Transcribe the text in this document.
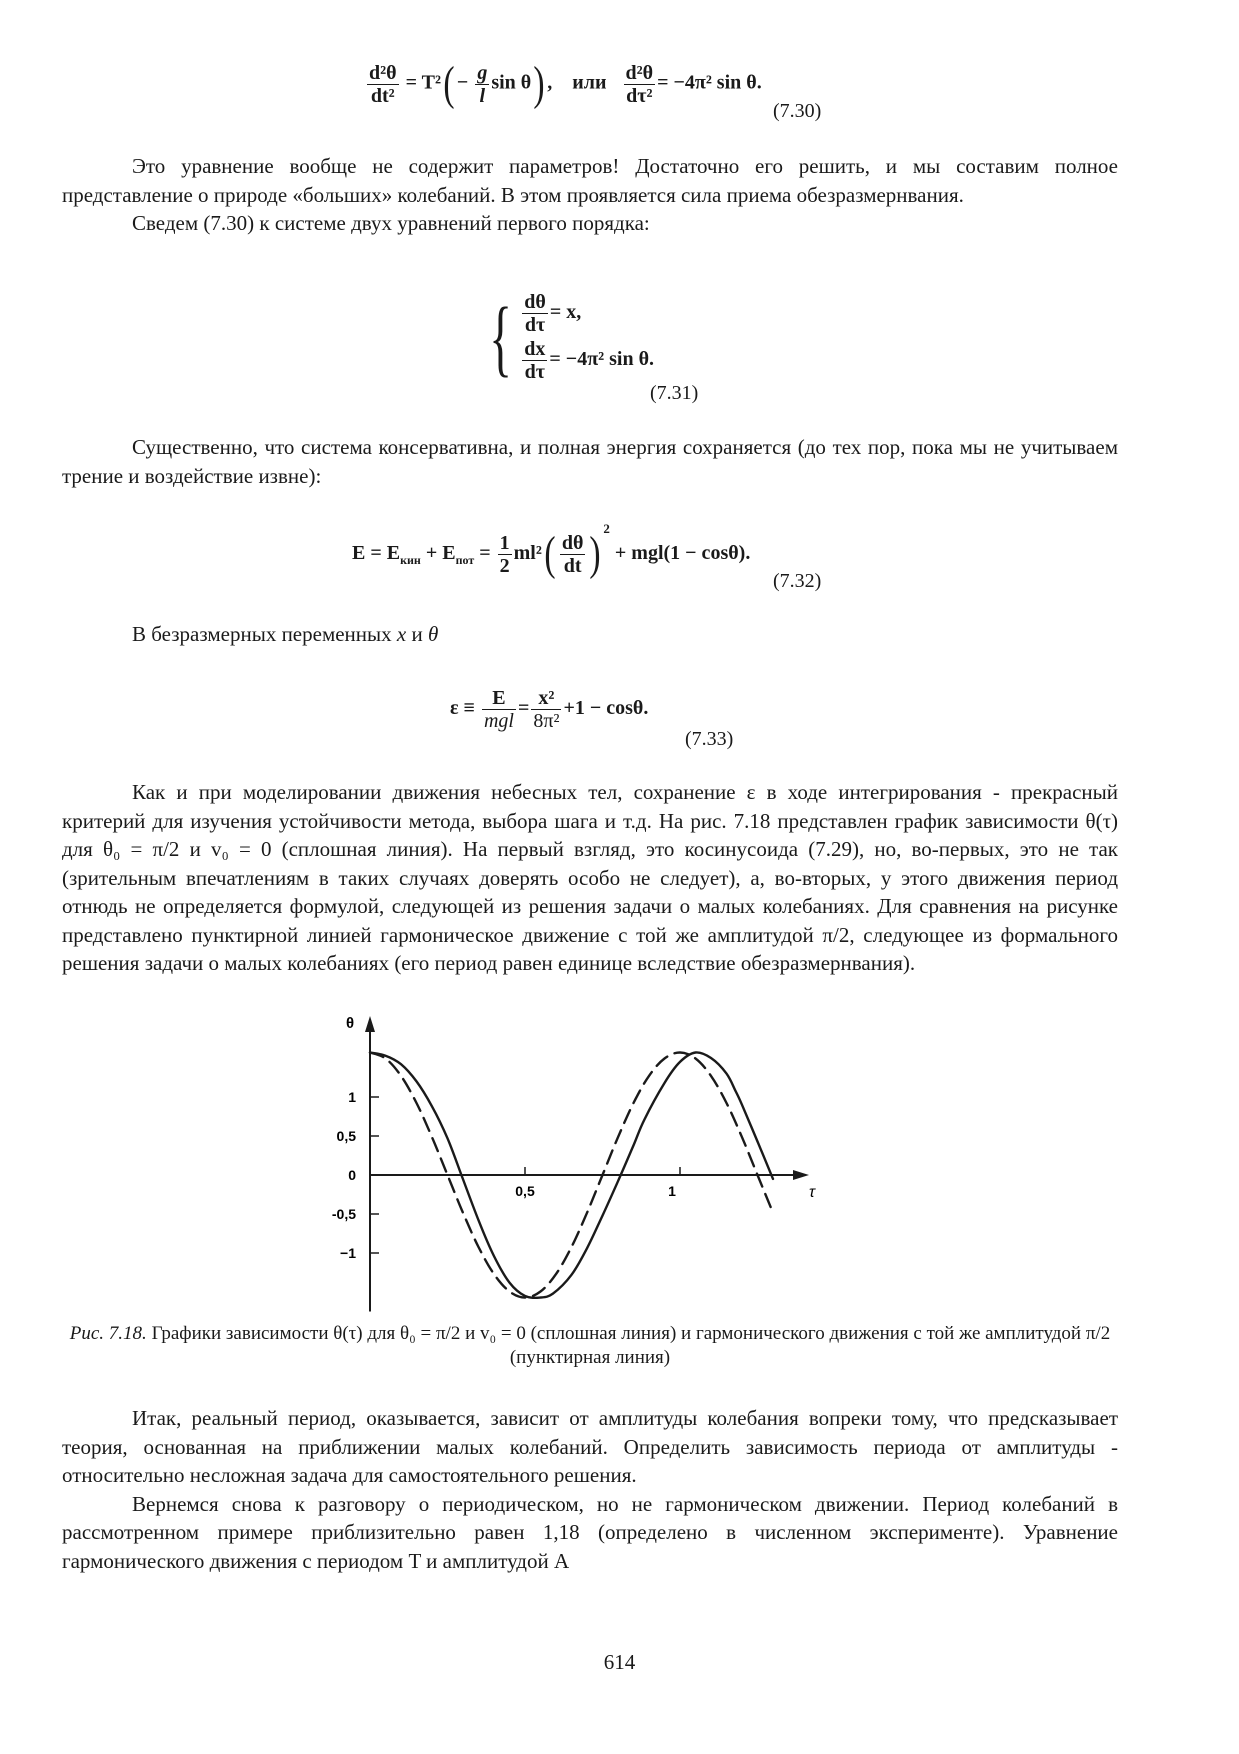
$\frac{\text{d²θ}}{\text{dt²}} = T^2( - \frac{g}{l}$ sin θ) ,    или $\frac{\text{d²θ}}{\text{dτ²}} = -4\pi^2$ sin θ.
(7.30)

Это уравнение вообще не содержит параметров! Достаточно его решить, и мы составим полное представление о природе «больших» колебаний. В этом проявляется сила приема обезразмернвания.

Сведем (7.30) к системе двух уравнений первого порядка:

{ $\frac{d\theta}{d\tau} = x$,
$\frac{dx}{d\tau} = -4\pi^2$ sin θ.
(7.31)

Существенно, что система консервативна, и полная энергия сохраняется (до тех пор, пока мы не учитываем трение и воздействие извне):

$E = E_{кин} + E_{пот} = \frac{1}{2} ml^2( \frac{d\theta}{dt}$ ) $^2$ + mgl(1 − cosθ).
(7.32)

В безразмерных переменных x и θ

$\varepsilon \equiv \frac{E}{\text{mgl}} = \frac{\text{x²}}{\text{8π²}} +1 - \cos\theta$.
(7.33)

Как и при моделировании движения небесных тел, сохранение ε в ходе интегрирования - прекрасный критерий для изучения устойчивости метода, выбора шага и т.д. На рис. 7.18 представлен график зависимости θ(τ) для θ₀ = π/2 и v₀ = 0 (сплошная линия). На первый взгляд, это косинусоида (7.29), но, во-первых, это не так (зрительным впечатлениям в таких случаях доверять особо не следует), а, во-вторых, у этого движения период отнюдь не определяется формулой, следующей из решения задачи о малых колебаниях. Для сравнения на рисунке представлено пунктирной линией гармоническое движение с той же амплитудой π/2, следующее из формального решения задачи о малых колебаниях (его период равен единице вследствие обезразмернвания).

θ
τ
1
0,5
0
-0,5
−1
0,5	1
Рис. 7.18. Графики зависимости θ(τ) для θ₀ = π/2 и v₀ = 0 (сплошная линия) и гармонического движения с той же амплитудой π/2 (пунктирная линия)

Итак, реальный период, оказывается, зависит от амплитуды колебания вопреки тому, что предсказывает теория, основанная на приближении малых колебаний. Определить зависимость периода от амплитуды - относительно несложная задача для самостоятельного решения.

Вернемся снова к разговору о периодическом, но не гармоническом движении. Период колебаний в рассмотренном примере приблизительно равен 1,18 (определено в численном эксперименте). Уравнение гармонического движения с периодом T и амплитудой A

614
